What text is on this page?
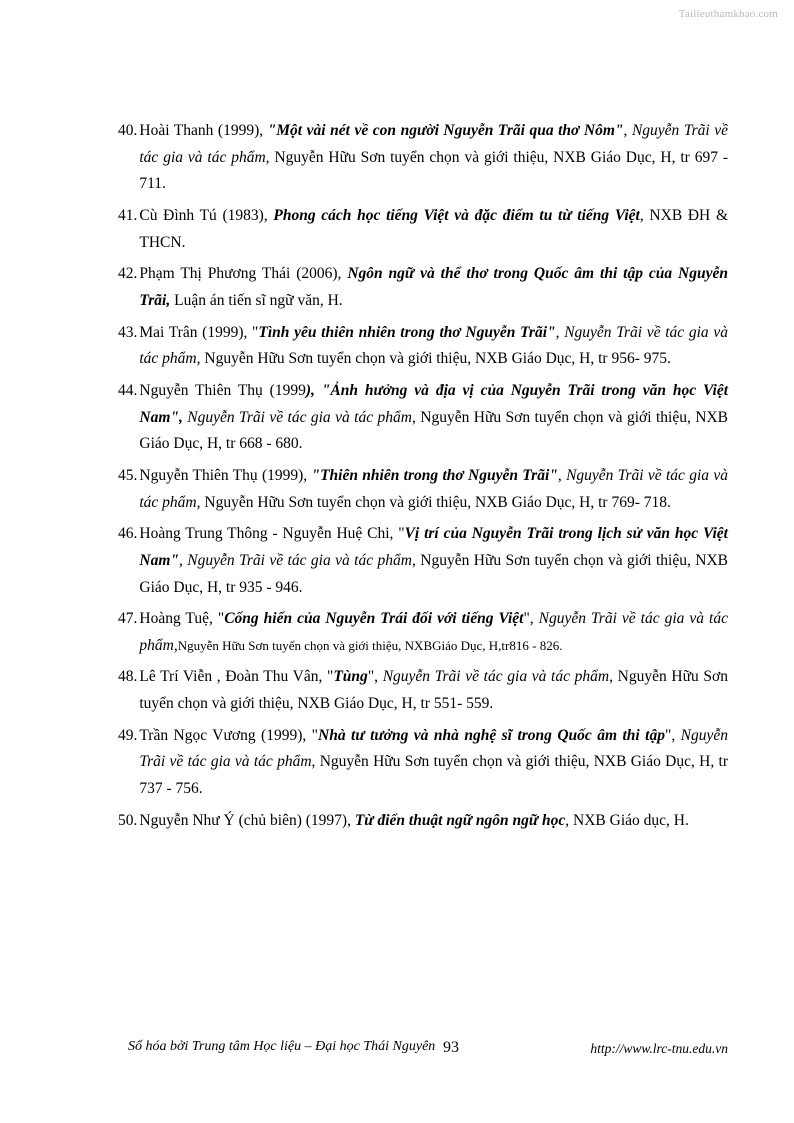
Tailieuthamkhao.com
40. Hoài Thanh (1999), "Một vài nét về con người Nguyễn Trãi qua thơ Nôm", Nguyễn Trãi về tác gia và tác phẩm, Nguyễn Hữu Sơn tuyển chọn và giới thiệu, NXB Giáo Dục, H, tr 697 - 711.
41. Cù Đình Tú (1983), Phong cách học tiếng Việt và đặc điểm tu từ tiếng Việt, NXB ĐH & THCN.
42. Phạm Thị Phương Thái (2006), Ngôn ngữ và thể thơ trong Quốc âm thi tập của Nguyễn Trãi, Luận án tiến sĩ ngữ văn, H.
43. Mai Trân (1999), "Tình yêu thiên nhiên trong thơ Nguyễn Trãi", Nguyễn Trãi về tác gia và tác phẩm, Nguyễn Hữu Sơn tuyển chọn và giới thiệu, NXB Giáo Dục, H, tr 956- 975.
44. Nguyễn Thiên Thụ (1999), "Ảnh hưởng và địa vị của Nguyễn Trãi trong văn học Việt Nam", Nguyễn Trãi về tác gia và tác phẩm, Nguyễn Hữu Sơn tuyển chọn và giới thiệu, NXB Giáo Dục, H, tr 668 - 680.
45. Nguyễn Thiên Thụ (1999), "Thiên nhiên trong thơ Nguyễn Trãi", Nguyễn Trãi về tác gia và tác phẩm, Nguyễn Hữu Sơn tuyển chọn và giới thiệu, NXB Giáo Dục, H, tr 769- 718.
46. Hoàng Trung Thông - Nguyễn Huệ Chi, "Vị trí của Nguyễn Trãi trong lịch sử văn học Việt Nam", Nguyễn Trãi về tác gia và tác phẩm, Nguyễn Hữu Sơn tuyển chọn và giới thiệu, NXB Giáo Dục, H, tr 935 - 946.
47. Hoàng Tuệ, "Cống hiến của Nguyễn Trái đối với tiếng Việt", Nguyễn Trãi về tác gia và tác phẩm,Nguyễn Hữu Sơn tuyển chọn và giới thiệu, NXBGiáo Dục, H,tr816 - 826.
48. Lê Trí Viễn , Đoàn Thu Vân, "Tùng", Nguyễn Trãi về tác gia và tác phẩm, Nguyễn Hữu Sơn tuyển chọn và giới thiệu, NXB Giáo Dục, H, tr 551- 559.
49. Trần Ngọc Vương (1999), "Nhà tư tưởng và nhà nghệ sĩ trong Quốc âm thi tập", Nguyễn Trãi về tác gia và tác phẩm, Nguyễn Hữu Sơn tuyển chọn và giới thiệu, NXB Giáo Dục, H, tr 737 - 756.
50. Nguyễn Như Ý (chủ biên) (1997), Từ điển thuật ngữ ngôn ngữ học, NXB Giáo dục, H.
Số hóa bởi Trung tâm Học liệu – Đại học Thái Nguyên 93	http://www.lrc-tnu.edu.vn
